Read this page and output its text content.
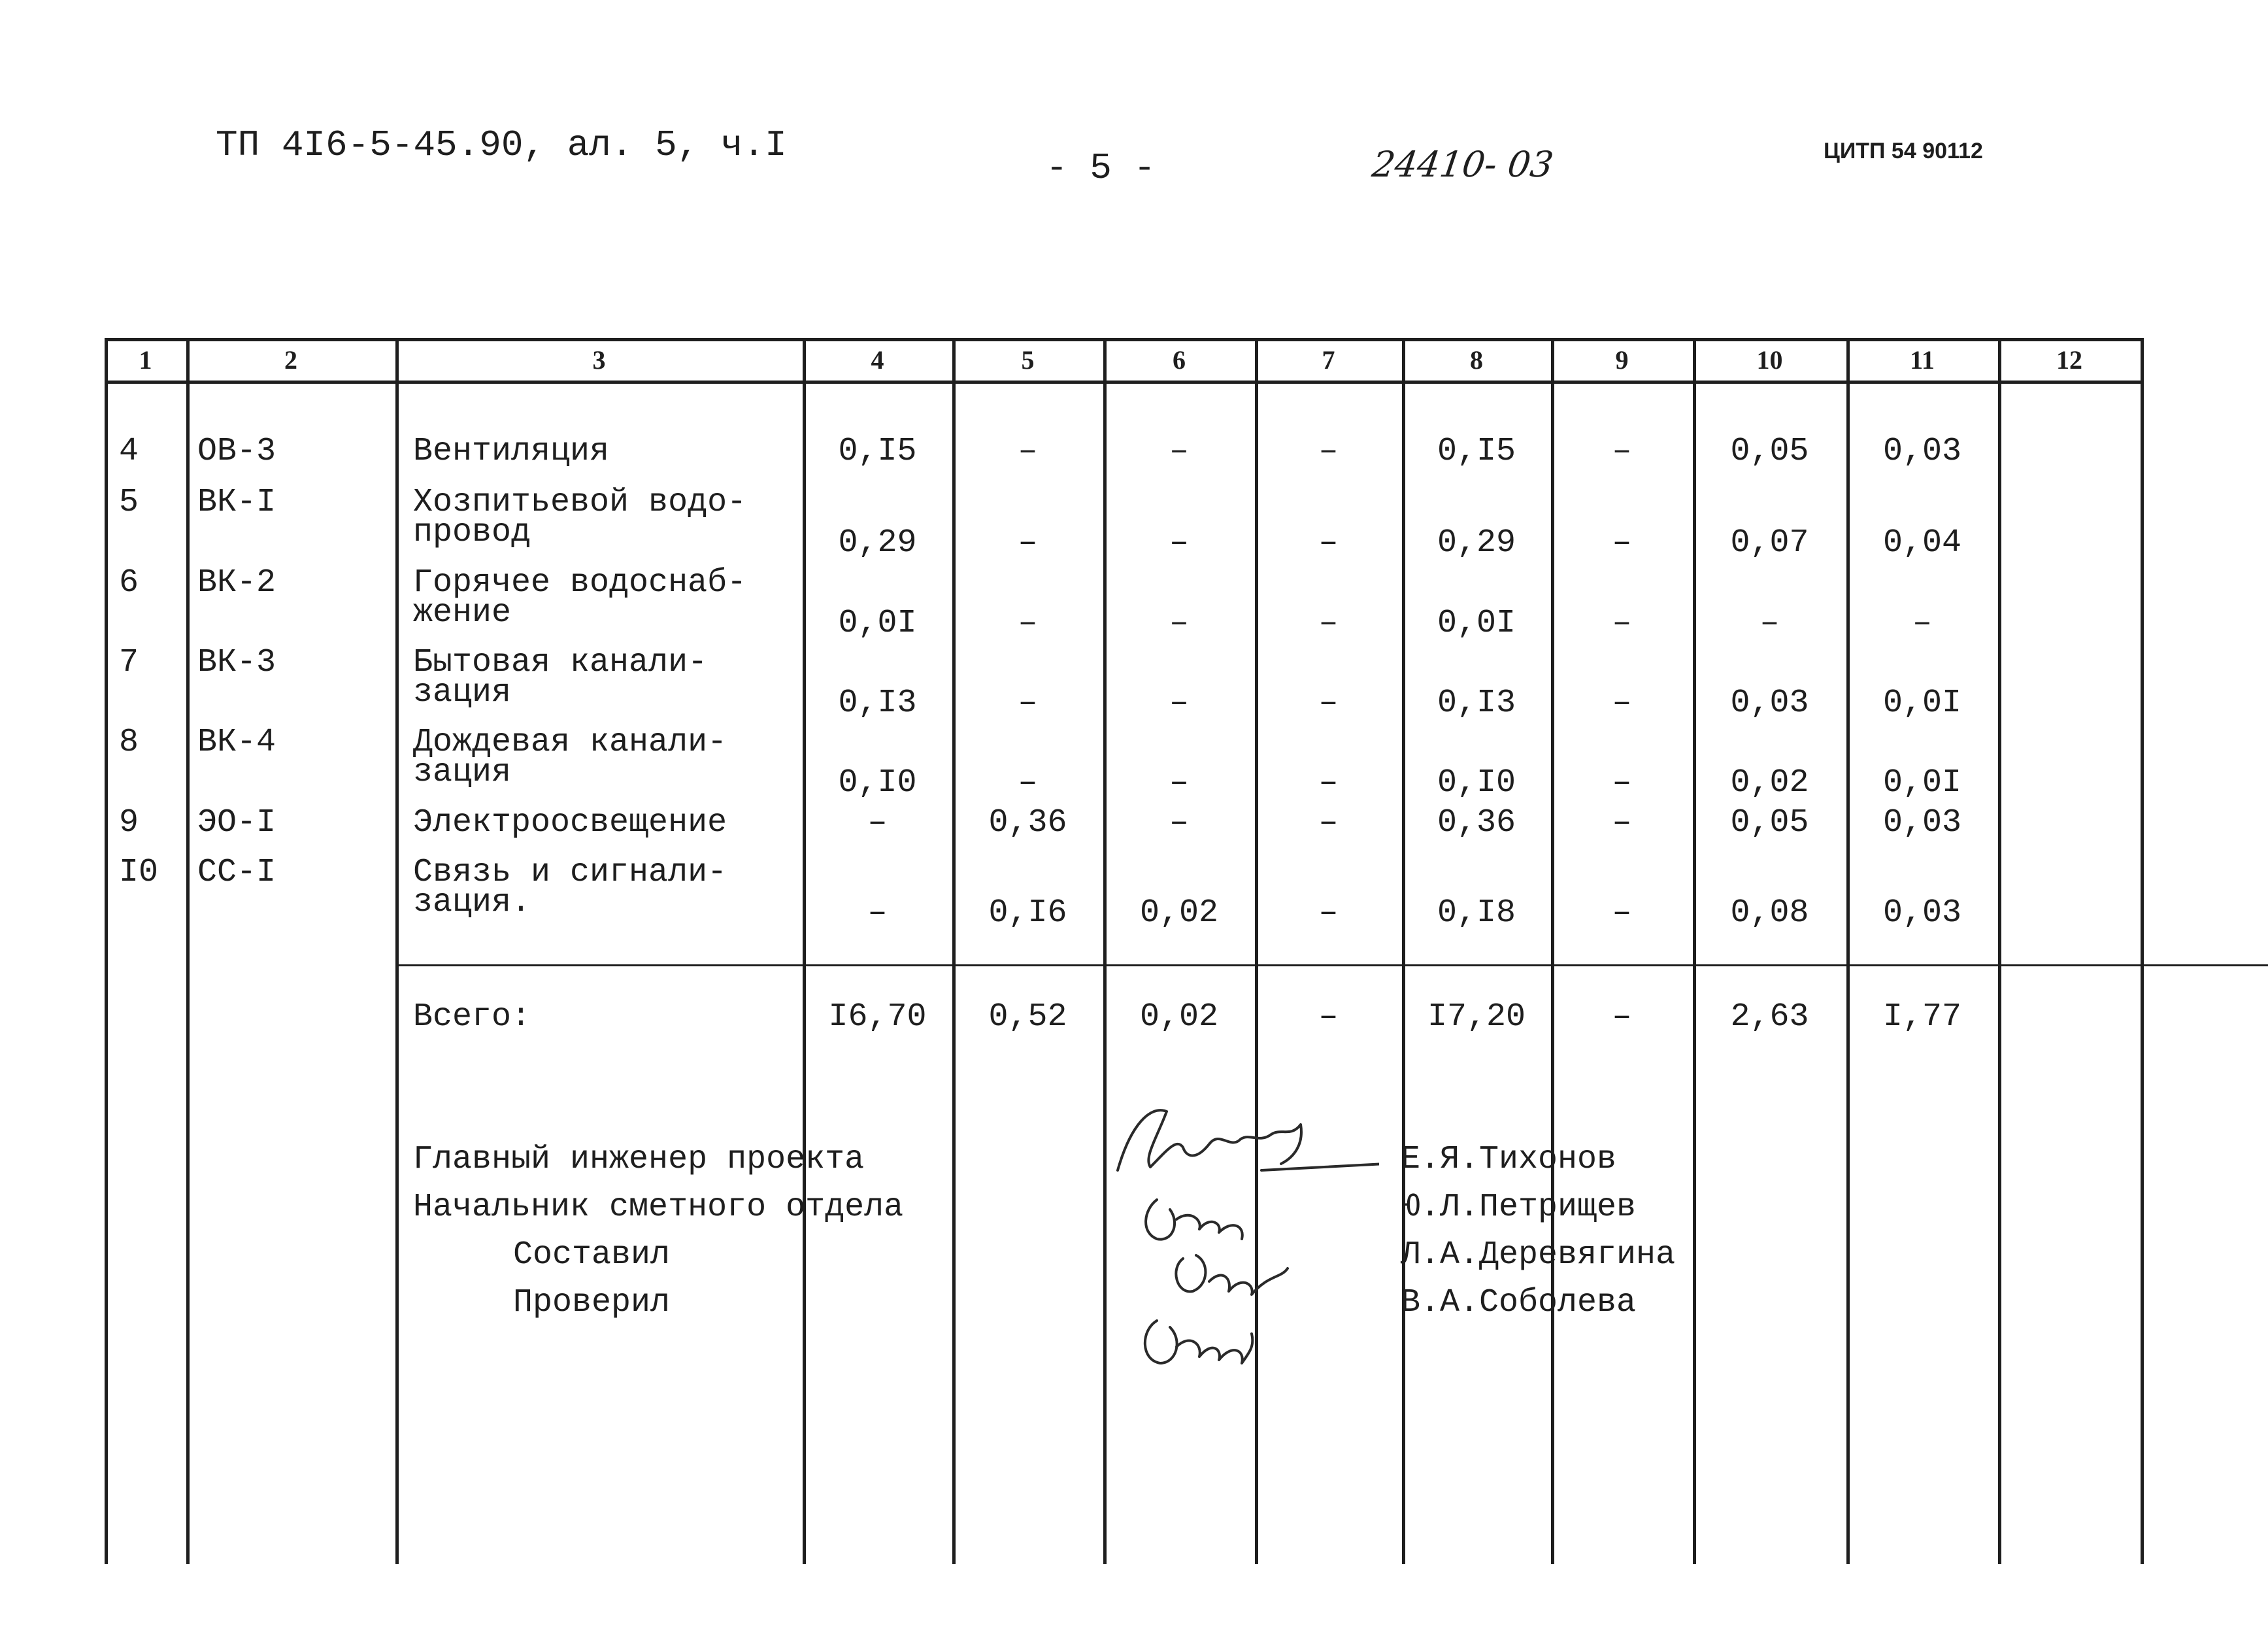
ТП 4I6-5-45.90, ал. 5, ч.I
- 5 -	24410- 03	ЦИТП 54 90112
1	2	3	4	5	6	7	8	9	10	11	12
4 ОВ-3	Вентиляция	0,I5	–	–	–	0,I5	–	0,05	0,03
5 ВК-I	Хозпитьевой водо-
провод	0,29	–	–	–	0,29	–	0,07	0,04
6 ВК-2	Горячее водоснаб-
жение	0,0I	–	–	–	0,0I	–	–	–
7 ВК-3	Бытовая канали-
зация	0,I3	–	–	–	0,I3	–	0,03	0,0I
8 ВК-4	Дождевая канали-
зация	0,I0	–	–	–	0,I0	–	0,02	0,0I
9 ЭО-I	Электроосвещение	–	0,36	–	–	0,36	–	0,05	0,03
I0 СС-I	Связь и сигнали-
зация.	–	0,I6	0,02	–	0,I8	–	0,08	0,03
Всего:	I6,70	0,52	0,02	–	I7,20	–	2,63	I,77
Главный инженер проекта
Начальник сметного отдела
Составил
Проверил
Е.Я.Тихонов
Ю.Л.Петрищев
Л.А.Деревягина
В.А.Соболева
